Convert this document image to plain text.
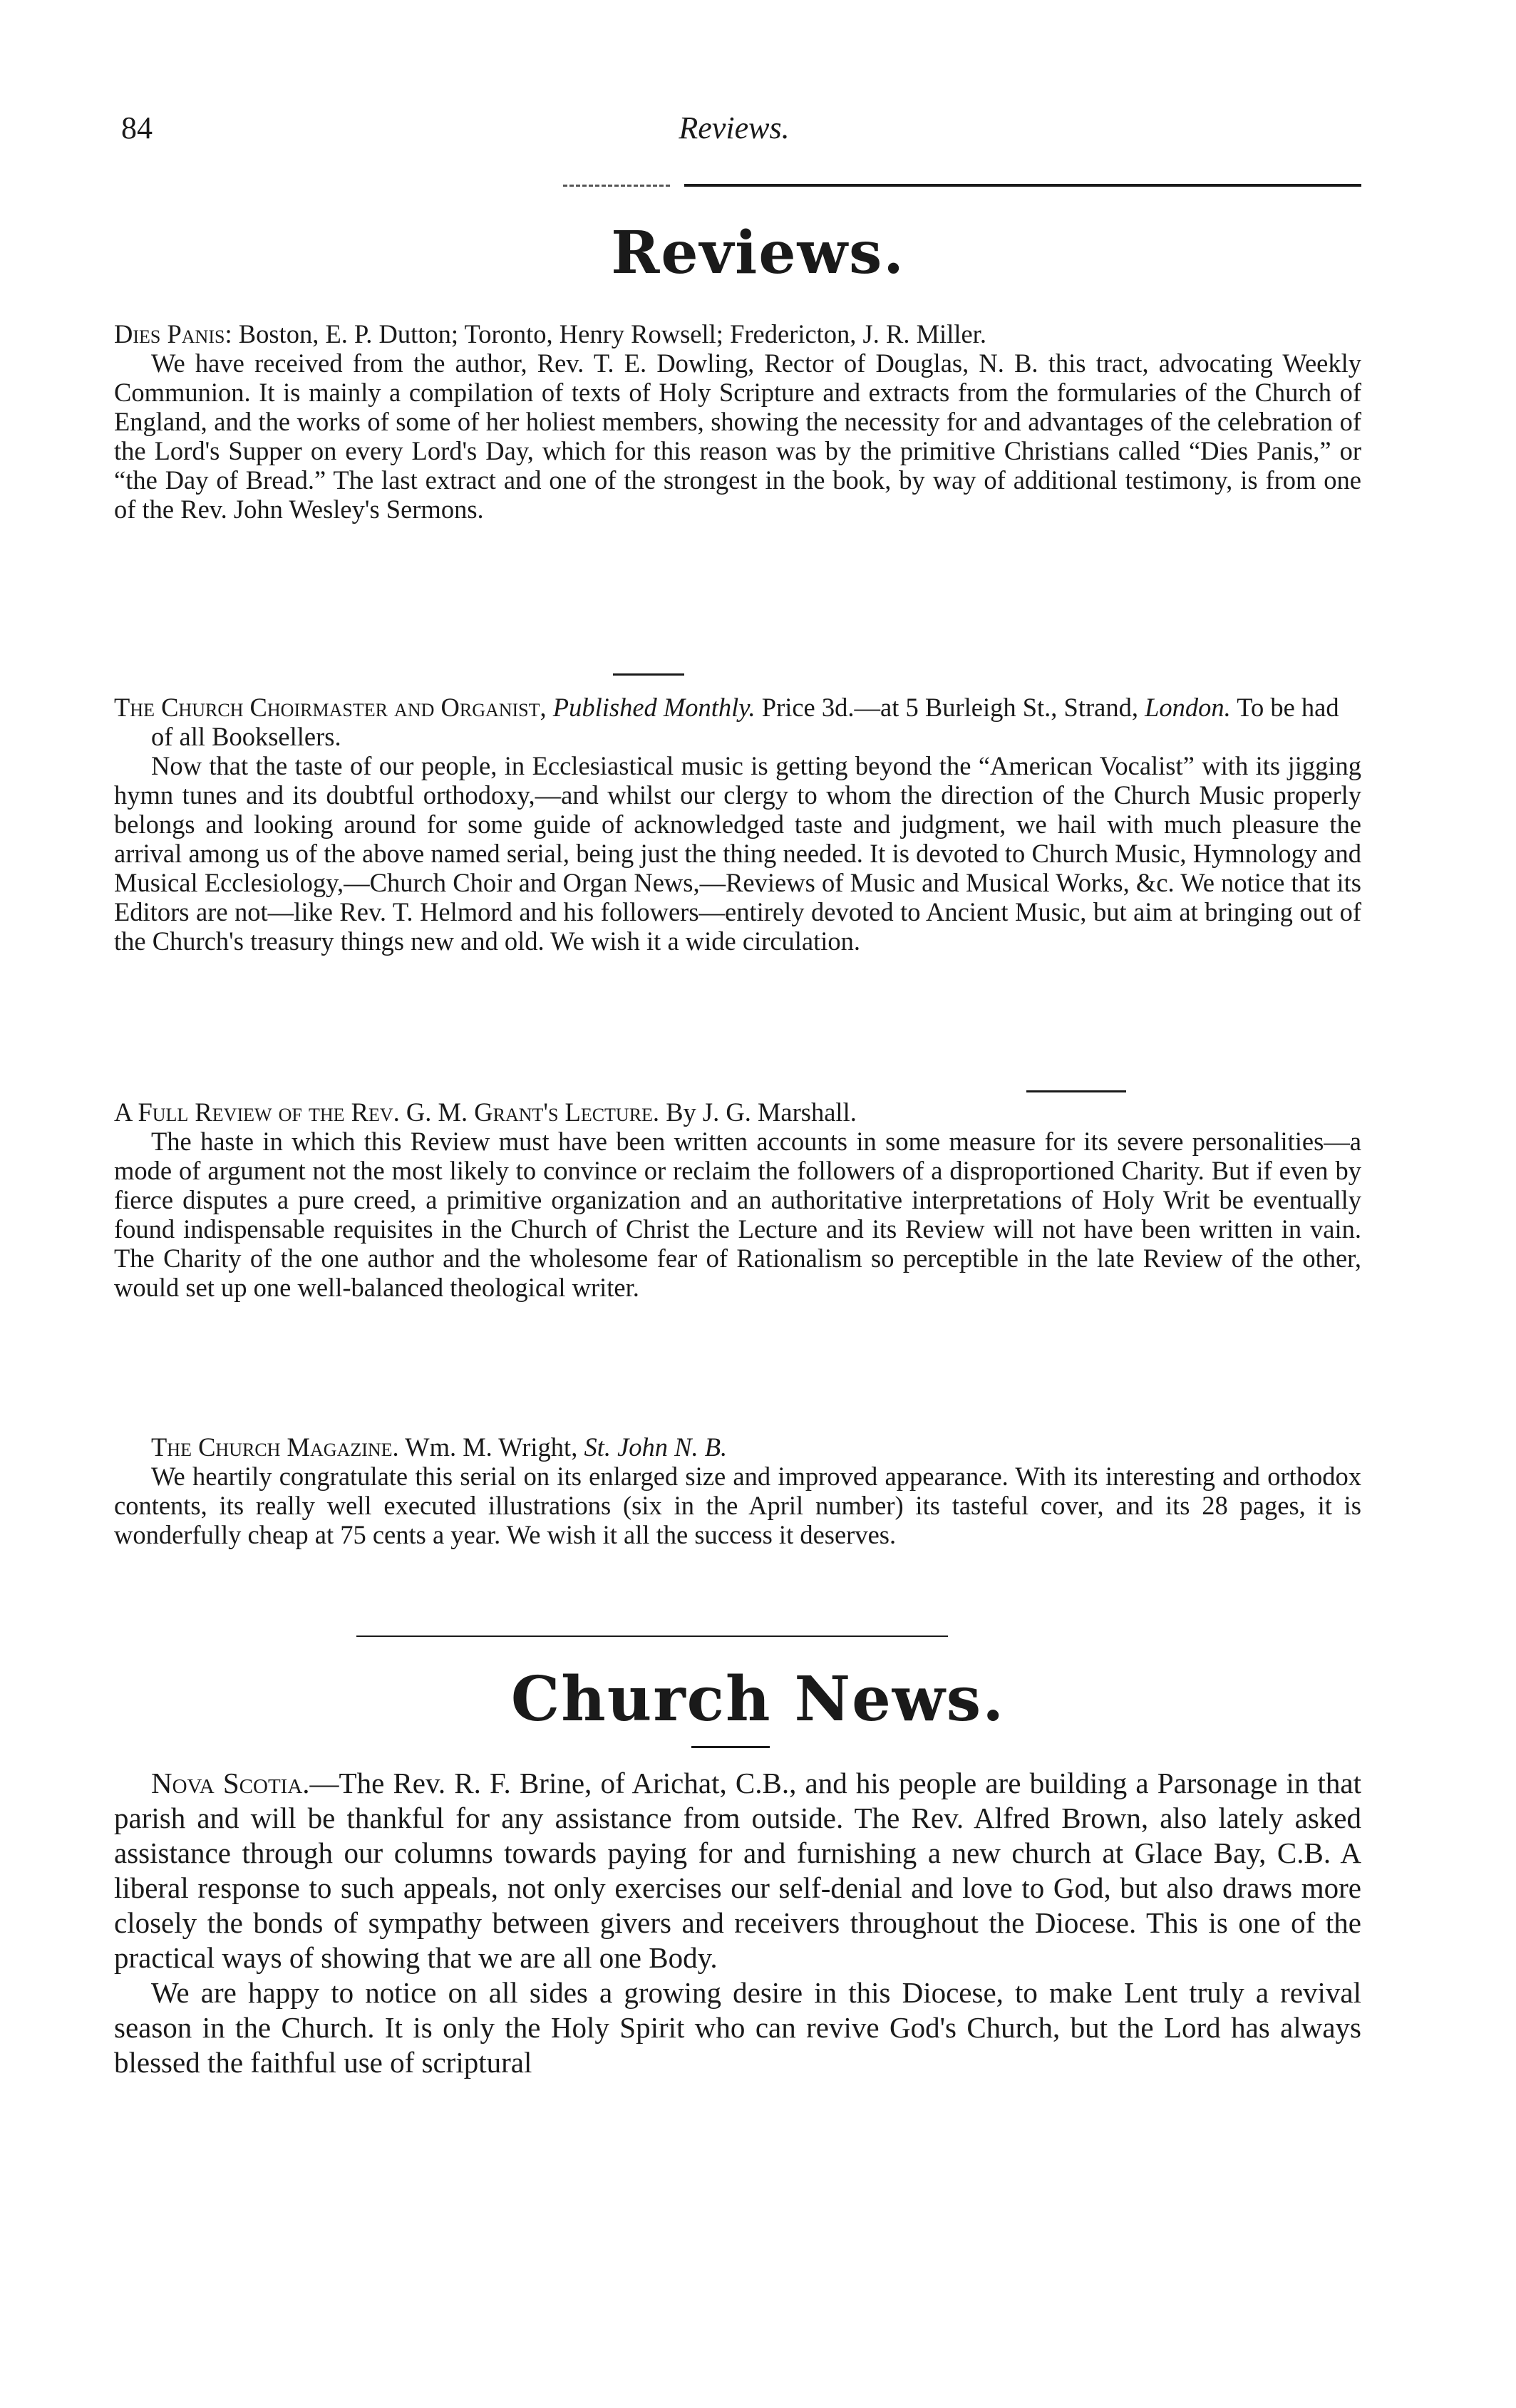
84	Reviews.
Reviews.

Dies Panis: Boston, E. P. Dutton; Toronto, Henry Rowsell; Fredericton, J. R. Miller.

We have received from the author, Rev. T. E. Dowling, Rector of Douglas, N. B. this tract, advocating Weekly Communion. It is mainly a compilation of texts of Holy Scripture and extracts from the formularies of the Church of England, and the works of some of her holiest members, showing the necessity for and advantages of the celebration of the Lord's Supper on every Lord's Day, which for this reason was by the primitive Christians called “Dies Panis,” or “the Day of Bread.” The last extract and one of the strongest in the book, by way of additional testimony, is from one of the Rev. John Wesley's Sermons.

The Church Choirmaster and Organist, Published Monthly. Price 3d.—at 5 Burleigh St., Strand, London. To be had of all Booksellers.

Now that the taste of our people, in Ecclesiastical music is getting beyond the “American Vocalist” with its jigging hymn tunes and its doubtful orthodoxy,—and whilst our clergy to whom the direction of the Church Music properly belongs and looking around for some guide of acknowledged taste and judgment, we hail with much pleasure the arrival among us of the above named serial, being just the thing needed. It is devoted to Church Music, Hymnology and Musical Ecclesiology,—Church Choir and Organ News,—Reviews of Music and Musical Works, &c. We notice that its Editors are not—like Rev. T. Helmord and his followers—entirely devoted to Ancient Music, but aim at bringing out of the Church's treasury things new and old. We wish it a wide circulation.

A Full Review of the Rev. G. M. Grant's Lecture. By J. G. Marshall.

The haste in which this Review must have been written accounts in some measure for its severe personalities—a mode of argument not the most likely to convince or reclaim the followers of a disproportioned Charity. But if even by fierce disputes a pure creed, a primitive organization and an authoritative interpretations of Holy Writ be eventually found indispensable requisites in the Church of Christ the Lecture and its Review will not have been written in vain. The Charity of the one author and the wholesome fear of Rationalism so perceptible in the late Review of the other, would set up one well-balanced theological writer.

The Church Magazine. Wm. M. Wright, St. John N. B.

We heartily congratulate this serial on its enlarged size and improved appearance. With its interesting and orthodox contents, its really well executed illustrations (six in the April number) its tasteful cover, and its 28 pages, it is wonderfully cheap at 75 cents a year. We wish it all the success it deserves.

Church News.

Nova Scotia.—The Rev. R. F. Brine, of Arichat, C.B., and his people are building a Parsonage in that parish and will be thankful for any assistance from outside. The Rev. Alfred Brown, also lately asked assistance through our columns towards paying for and furnishing a new church at Glace Bay, C.B. A liberal response to such appeals, not only exercises our self-denial and love to God, but also draws more closely the bonds of sympathy between givers and receivers throughout the Diocese. This is one of the practical ways of showing that we are all one Body.

We are happy to notice on all sides a growing desire in this Diocese, to make Lent truly a revival season in the Church. It is only the Holy Spirit who can revive God's Church, but the Lord has always blessed the faithful use of scriptural
